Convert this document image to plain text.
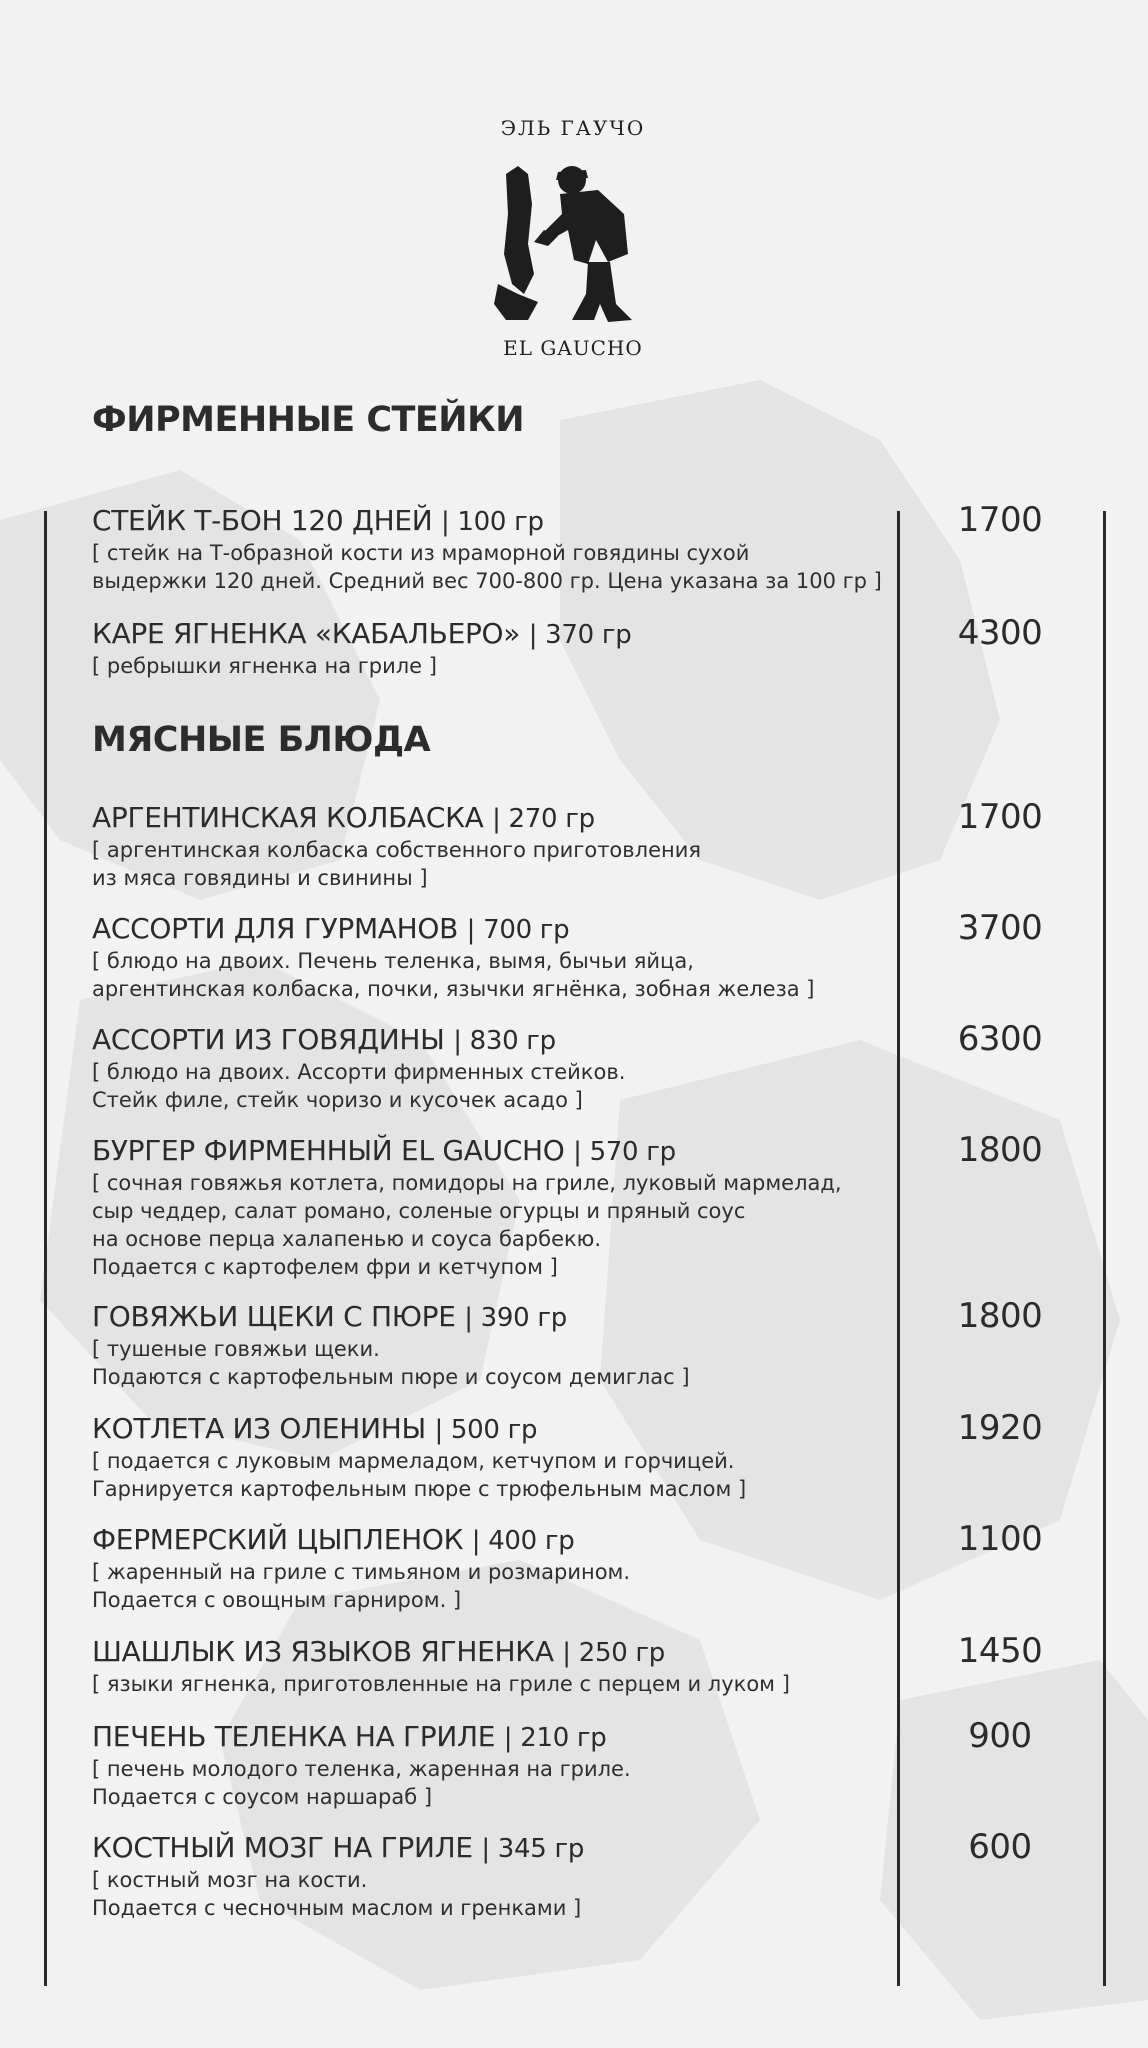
ЭЛЬ ГАУЧО
EL GAUCHO
ФИРМЕННЫЕ СТЕЙКИ
МЯСНЫЕ БЛЮДА
СТЕЙК Т-БОН 120 ДНЕЙ | 100 гр
[ стейк на Т-образной кости из мраморной говядины сухой
выдержки 120 дней. Средний вес 700-800 гр. Цена указана за 100 гр ]
1700
КАРЕ ЯГНЕНКА «КАБАЛЬЕРО» | 370 гр
[ ребрышки ягненка на гриле ]
4300
АРГЕНТИНСКАЯ КОЛБАСКА | 270 гр
[ аргентинская колбаска собственного приготовления
из мяса говядины и свинины ]
1700
АССОРТИ ДЛЯ ГУРМАНОВ | 700 гр
[ блюдо на двоих. Печень теленка, вымя, бычьи яйца,
аргентинская колбаска, почки, язычки ягнёнка, зобная железа ]
3700
АССОРТИ ИЗ ГОВЯДИНЫ | 830 гр
[ блюдо на двоих. Ассорти фирменных стейков.
Стейк филе, стейк чоризо и кусочек асадо ]
6300
БУРГЕР ФИРМЕННЫЙ EL GAUCHO | 570 гр
[ сочная говяжья котлета, помидоры на гриле, луковый мармелад,
сыр чеддер, салат романо, соленые огурцы и пряный соус
на основе перца халапенью и соуса барбекю.
Подается с картофелем фри и кетчупом ]
1800
ГОВЯЖЬИ ЩЕКИ С ПЮРЕ | 390 гр
[ тушеные говяжьи щеки.
Подаются с картофельным пюре и соусом демиглас ]
1800
КОТЛЕТА ИЗ ОЛЕНИНЫ | 500 гр
[ подается с луковым мармеладом, кетчупом и горчицей.
Гарнируется картофельным пюре с трюфельным маслом ]
1920
ФЕРМЕРСКИЙ ЦЫПЛЕНОК | 400 гр
[ жаренный на гриле с тимьяном и розмарином.
Подается с овощным гарниром. ]
1100
ШАШЛЫК ИЗ ЯЗЫКОВ ЯГНЕНКА | 250 гр
[ языки ягненка, приготовленные на гриле с перцем и луком ]
1450
ПЕЧЕНЬ ТЕЛЕНКА НА ГРИЛЕ | 210 гр
[ печень молодого теленка, жаренная на гриле.
Подается с соусом наршараб ]
900
КОСТНЫЙ МОЗГ НА ГРИЛЕ | 345 гр
[ костный мозг на кости.
Подается с чесночным маслом и гренками ]
600
